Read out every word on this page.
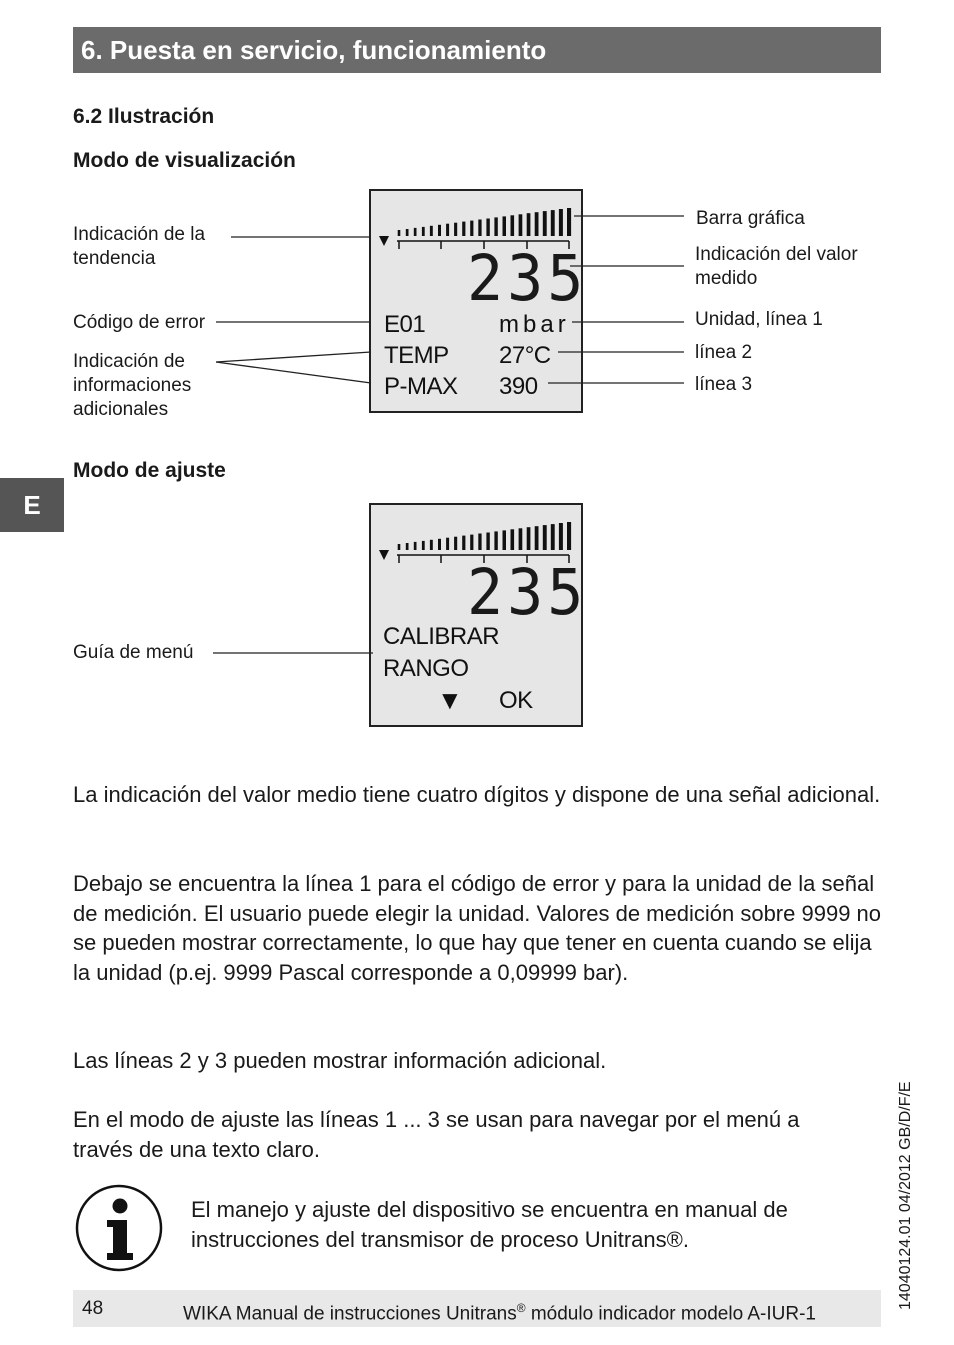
6. Puesta en servicio, funcionamiento
6.2 Ilustración
Modo de visualización
E
Indicación de la tendencia
Código de error
Indicación de informaciones adicionales
Barra gráfica
Indicación del valor medido
Unidad, línea 1
línea 2
línea 3
235
E01	mbar
TEMP 27°C
P-MAX 390
Modo de ajuste
Guía de menú
235
CALIBRAR
RANGO
▼ OK

La indicación del valor medio tiene cuatro dígitos y dispone de una señal adicional.

Debajo se encuentra la línea 1 para el código de error y para la unidad de la señal de medición. El usuario puede elegir la unidad. Valores de medición sobre 9999 no se pueden mostrar correctamente, lo que hay que tener en cuenta cuando se elija la unidad (p.ej. 9999 Pascal corresponde a 0,09999 bar).

Las líneas 2 y 3 pueden mostrar información adicional.

En el modo de ajuste las líneas 1 ... 3 se usan para navegar por el menú a través de una texto claro.

El manejo y ajuste del dispositivo se encuentra en manual de instrucciones del transmisor de proceso Unitrans®.	14040124.01 04/2012 GB/D/F/E
48	WIKA Manual de instrucciones Unitrans® módulo indicador modelo A-IUR-1
